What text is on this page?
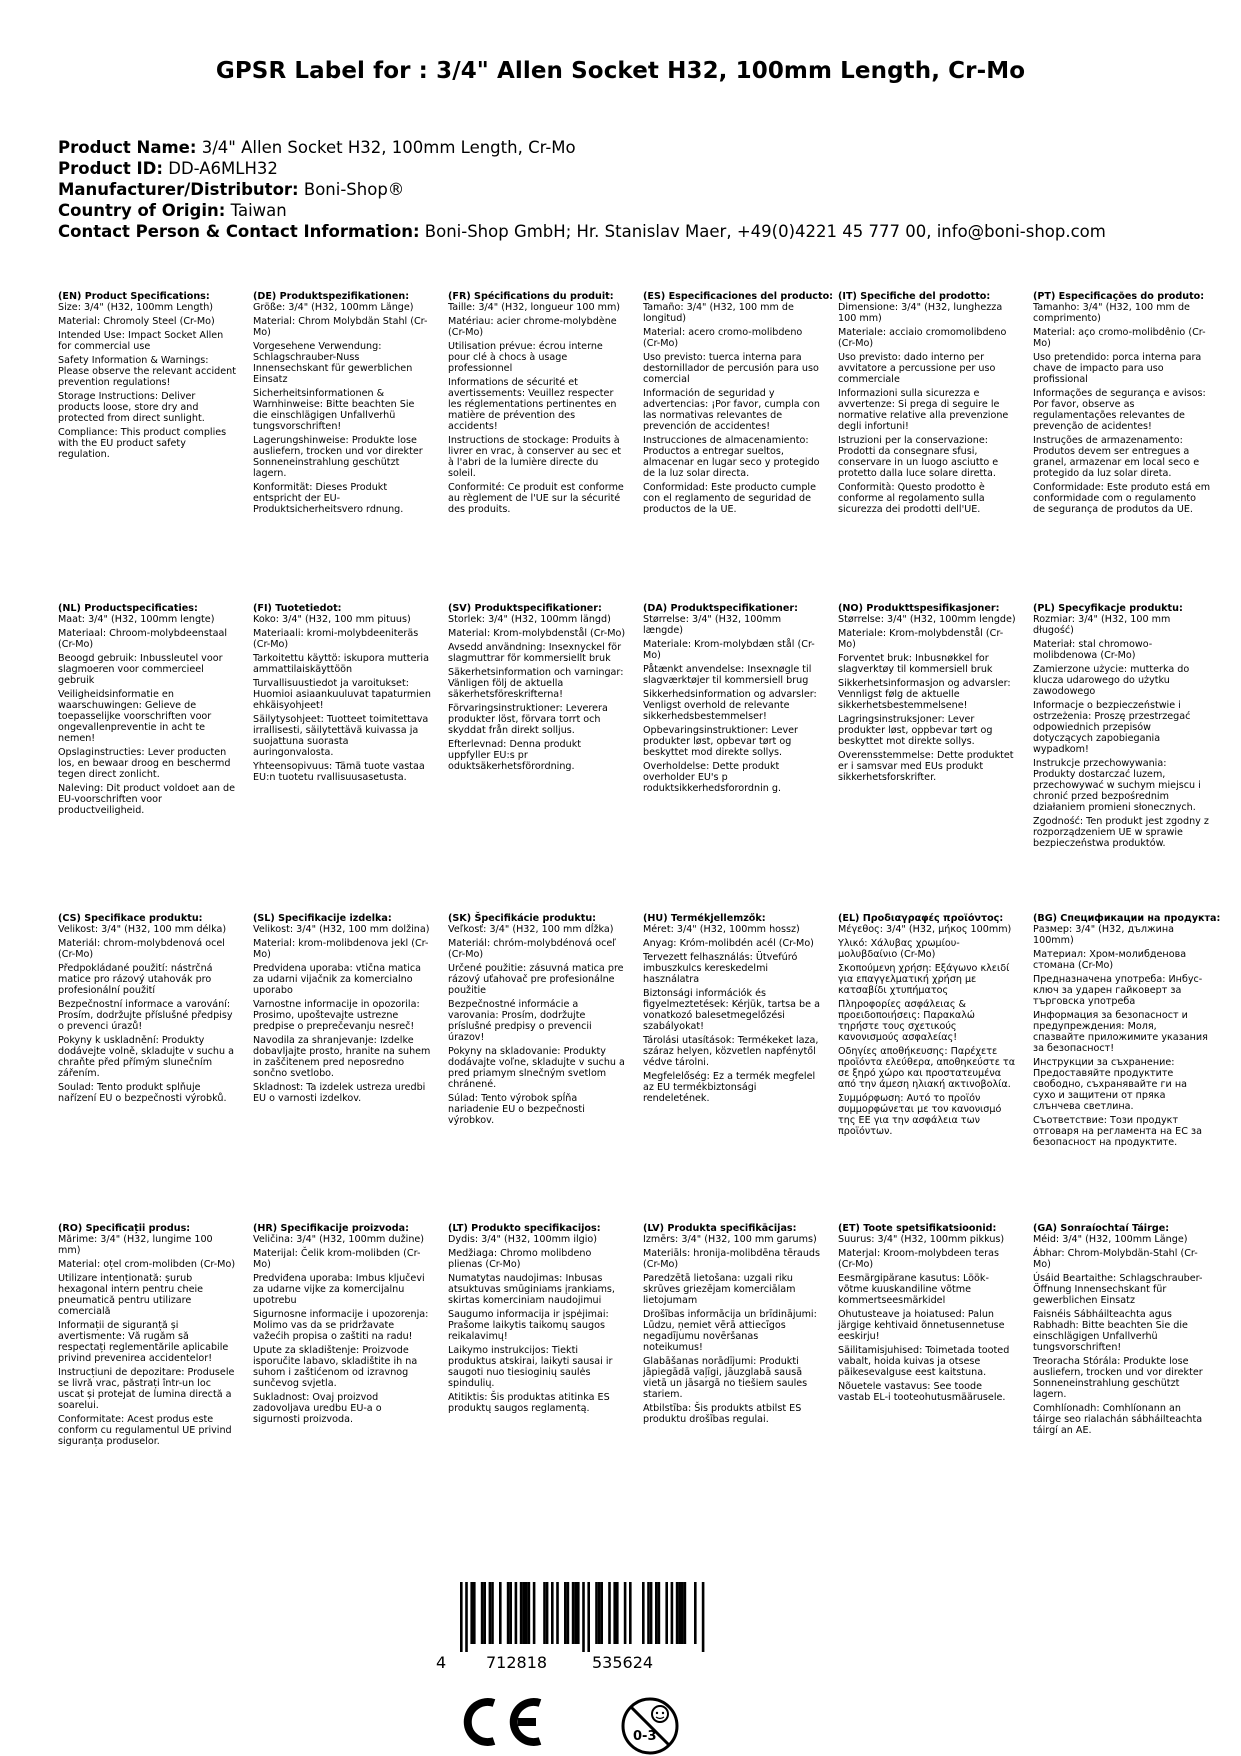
GPSR Label for : 3/4" Allen Socket H32, 100mm Length, Cr-Mo
Product Name: 3/4" Allen Socket H32, 100mm Length, Cr-Mo
Product ID: DD-A6MLH32
Manufacturer/Distributor: Boni-Shop®
Country of Origin: Taiwan
Contact Person & Contact Information: Boni-Shop GmbH; Hr. Stanislav Maer, +49(0)4221 45 777 00, info@boni-shop.com
(EN) Product Specifications:

Size: 3/4" (H32, 100mm Length)

Material: Chromoly Steel (Cr-Mo)

Intended Use: Impact Socket Allen for commercial use

Safety Information & Warnings: Please observe the relevant accident prevention regulations!

Storage Instructions: Deliver products loose, store dry and protected from direct sunlight.

Compliance: This product complies with the EU product safety regulation.

(DE) Produktspezifikationen:

Größe: 3/4" (H32, 100mm Länge)

Material: Chrom Molybdän Stahl (Cr-Mo)

Vorgesehene Verwendung: Schlagschrauber-Nuss Innensechskant für gewerblichen Einsatz

Sicherheitsinformationen & Warnhinweise: Bitte beachten Sie die einschlägigen Unfallverhü tungsvorschriften!

Lagerungshinweise: Produkte lose ausliefern, trocken und vor direkter Sonneneinstrahlung geschützt lagern.

Konformität: Dieses Produkt entspricht der EU-Produktsicherheitsvero rdnung.

(FR) Spécifications du produit:

Taille: 3/4" (H32, longueur 100 mm)

Matériau: acier chrome-molybdène (Cr-Mo)

Utilisation prévue: écrou interne pour clé à chocs à usage professionnel

Informations de sécurité et avertissements: Veuillez respecter les réglementations pertinentes en matière de prévention des accidents!

Instructions de stockage: Produits à livrer en vrac, à conserver au sec et à l'abri de la lumière directe du soleil.

Conformité: Ce produit est conforme au règlement de l'UE sur la sécurité des produits.

(ES) Especificaciones del producto:

Tamaño: 3/4" (H32, 100 mm de longitud)

Material: acero cromo-molibdeno (Cr-Mo)

Uso previsto: tuerca interna para destornillador de percusión para uso comercial

Información de seguridad y advertencias: ¡Por favor, cumpla con las normativas relevantes de prevención de accidentes!

Instrucciones de almacenamiento: Productos a entregar sueltos, almacenar en lugar seco y protegido de la luz solar directa.

Conformidad: Este producto cumple con el reglamento de seguridad de productos de la UE.

(IT) Specifiche del prodotto:

Dimensione: 3/4" (H32, lunghezza 100 mm)

Materiale: acciaio cromomolibdeno (Cr-Mo)

Uso previsto: dado interno per avvitatore a percussione per uso commerciale

Informazioni sulla sicurezza e avvertenze: Si prega di seguire le normative relative alla prevenzione degli infortuni!

Istruzioni per la conservazione: Prodotti da consegnare sfusi, conservare in un luogo asciutto e protetto dalla luce solare diretta.

Conformità: Questo prodotto è conforme al regolamento sulla sicurezza dei prodotti dell'UE.

(PT) Especificações do produto:

Tamanho: 3/4" (H32, 100 mm de comprimento)

Material: aço cromo-molibdênio (Cr-Mo)

Uso pretendido: porca interna para chave de impacto para uso profissional

Informações de segurança e avisos: Por favor, observe as regulamentações relevantes de prevenção de acidentes!

Instruções de armazenamento: Produtos devem ser entregues a granel, armazenar em local seco e protegido da luz solar direta.

Conformidade: Este produto está em conformidade com o regulamento de segurança de produtos da UE.

(NL) Productspecificaties:

Maat: 3/4" (H32, 100mm lengte)

Materiaal: Chroom-molybdeenstaal (Cr-Mo)

Beoogd gebruik: Inbussleutel voor slagmoeren voor commercieel gebruik

Veiligheidsinformatie en waarschuwingen: Gelieve de toepasselijke voorschriften voor ongevallenpreventie in acht te nemen!

Opslaginstructies: Lever producten los, en bewaar droog en beschermd tegen direct zonlicht.

Naleving: Dit product voldoet aan de EU-voorschriften voor productveiligheid.

(FI) Tuotetiedot:

Koko: 3/4" (H32, 100 mm pituus)

Materiaali: kromi-molybdeeniteräs (Cr-Mo)

Tarkoitettu käyttö: iskupora mutteria ammattilaiskäyttöön

Turvallisuustiedot ja varoitukset: Huomioi asiaankuuluvat tapaturmien ehkäisyohjeet!

Säilytysohjeet: Tuotteet toimitettava irrallisesti, säilytettävä kuivassa ja suojattuna suorasta auringonvalosta.

Yhteensopivuus: Tämä tuote vastaa EU:n tuotetu rvallisuusasetusta.

(SV) Produktspecifikationer:

Storlek: 3/4" (H32, 100mm längd)

Material: Krom-molybdenstål (Cr-Mo)

Avsedd användning: Insexnyckel för slagmuttrar för kommersiellt bruk

Säkerhetsinformation och varningar: Vänligen följ de aktuella säkerhetsföreskrifterna!

Förvaringsinstruktioner: Leverera produkter löst, förvara torrt och skyddat från direkt solljus.

Efterlevnad: Denna produkt uppfyller EU:s pr oduktsäkerhetsförordning.

(DA) Produktspecifikationer:

Størrelse: 3/4" (H32, 100mm længde)

Materiale: Krom-molybdæn stål (Cr-Mo)

Påtænkt anvendelse: Insexnøgle til slagværktøjer til kommersiell brug

Sikkerhedsinformation og advarsler: Venligst overhold de relevante sikkerhedsbestemmelser!

Opbevaringsinstruktioner: Lever produkter løst, opbevar tørt og beskyttet mod direkte sollys.

Overholdelse: Dette produkt overholder EU's p roduktsikkerhedsforordnin g.

(NO) Produkttspesifikasjoner:

Størrelse: 3/4" (H32, 100mm lengde)

Materiale: Krom-molybdenstål (Cr-Mo)

Forventet bruk: Inbusnøkkel for slagverktøy til kommersiell bruk

Sikkerhetsinformasjon og advarsler: Vennligst følg de aktuelle sikkerhetsbestemmelsene!

Lagringsinstruksjoner: Lever produkter løst, oppbevar tørt og beskyttet mot direkte sollys.

Overensstemmelse: Dette produktet er i samsvar med EUs produkt sikkerhetsforskrifter.

(PL) Specyfikacje produktu:

Rozmiar: 3/4" (H32, 100 mm długość)

Materiał: stal chromowo-molibdenowa (Cr-Mo)

Zamierzone użycie: mutterka do klucza udarowego do użytku zawodowego

Informacje o bezpieczeństwie i ostrzeżenia: Proszę przestrzegać odpowiednich przepisów dotyczących zapobiegania wypadkom!

Instrukcje przechowywania: Produkty dostarczać luzem, przechowywać w suchym miejscu i chronić przed bezpośrednim działaniem promieni słonecznych.

Zgodność: Ten produkt jest zgodny z rozporządzeniem UE w sprawie bezpieczeństwa produktów.

(CS) Specifikace produktu:

Velikost: 3/4" (H32, 100 mm délka)

Materiál: chrom-molybdenová ocel (Cr-Mo)

Předpokládané použití: nástrčná matice pro rázový utahovák pro profesionální použití

Bezpečnostní informace a varování: Prosím, dodržujte příslušné předpisy o prevenci úrazů!

Pokyny k uskladnění: Produkty dodávejte volně, skladujte v suchu a chraňte před přímým slunečním zářením.

Soulad: Tento produkt splňuje nařízení EU o bezpečnosti výrobků.

(SL) Specifikacije izdelka:

Velikost: 3/4" (H32, 100 mm dolžina)

Material: krom-molibdenova jekl (Cr-Mo)

Predvidena uporaba: vtična matica za udarni vijačnik za komercialno uporabo

Varnostne informacije in opozorila: Prosimo, upoštevajte ustrezne predpise o preprečevanju nesreč!

Navodila za shranjevanje: Izdelke dobavljajte prosto, hranite na suhem in zaščitenem pred neposredno sončno svetlobo.

Skladnost: Ta izdelek ustreza uredbi EU o varnosti izdelkov.

(SK) Špecifikácie produktu:

Veľkosť: 3/4" (H32, 100 mm dĺžka)

Materiál: chróm-molybdénová oceľ (Cr-Mo)

Určené použitie: zásuvná matica pre rázový uťahovač pre profesionálne použitie

Bezpečnostné informácie a varovania: Prosím, dodržujte príslušné predpisy o prevencii úrazov!

Pokyny na skladovanie: Produkty dodávajte voľne, skladujte v suchu a pred priamym slnečným svetlom chránené.

Súlad: Tento výrobok spĺňa nariadenie EU o bezpečnosti výrobkov.

(HU) Termékjellemzők:

Méret: 3/4" (H32, 100mm hossz)

Anyag: Króm-molibdén acél (Cr-Mo)

Tervezett felhasználás: Ütvefúró imbuszkulcs kereskedelmi használatra

Biztonsági információk és figyelmeztetések: Kérjük, tartsa be a vonatkozó balesetmegelőzési szabályokat!

Tárolási utasítások: Termékeket laza, száraz helyen, közvetlen napfénytől védve tárolni.

Megfelelőség: Ez a termék megfelel az EU termékbiztonsági rendeletének.

(EL) Προδιαγραφές προϊόντος:

Μέγεθος: 3/4" (H32, μήκος 100mm)

Υλικό: Χάλυβας χρωμίου-μολυβδαίνιο (Cr-Mo)

Σκοπούμενη χρήση: Εξάγωνο κλειδί για επαγγελματική χρήση με κατσαβίδι χτυπήματος

Πληροφορίες ασφάλειας & προειδοποιήσεις: Παρακαλώ τηρήστε τους σχετικούς κανονισμούς ασφαλείας!

Οδηγίες αποθήκευσης: Παρέχετε προϊόντα ελεύθερα, αποθηκεύστε τα σε ξηρό χώρο και προστατευμένα από την άμεση ηλιακή ακτινοβολία.

Συμμόρφωση: Αυτό το προϊόν συμμορφώνεται με τον κανονισμό της ΕΕ για την ασφάλεια των προϊόντων.

(BG) Спецификации на продукта:

Размер: 3/4" (H32, дължина 100mm)

Материал: Хром-молибденова стомана (Cr-Mo)

Предназначена употреба: Инбус-ключ за ударен гайковерт за търговска употреба

Информация за безопасност и предупреждения: Моля, спазвайте приложимите указания за безопасност!

Инструкции за съхранение: Предоставяйте продуктите свободно, съхранявайте ги на сухо и защитени от пряка слънчева светлина.

Съответствие: Този продукт отговаря на регламента на ЕС за безопасност на продуктите.

(RO) Specificații produs:

Mărime: 3/4" (H32, lungime 100 mm)

Material: oțel crom-molibden (Cr-Mo)

Utilizare intenționată: șurub hexagonal intern pentru cheie pneumatică pentru utilizare comercială

Informații de siguranță și avertismente: Vă rugăm să respectați reglementările aplicabile privind prevenirea accidentelor!

Instrucțiuni de depozitare: Produsele se livră vrac, păstrați într-un loc uscat și protejat de lumina directă a soarelui.

Conformitate: Acest produs este conform cu regulamentul UE privind siguranța produselor.

(HR) Specifikacije proizvoda:

Veličina: 3/4" (H32, 100mm dužine)

Materijal: Čelik krom-molibden (Cr-Mo)

Predviđena uporaba: Imbus ključevi za udarne vijke za komercijalnu upotrebu

Sigurnosne informacije i upozorenja: Molimo vas da se pridržavate važećih propisa o zaštiti na radu!

Upute za skladištenje: Proizvode isporučite labavo, skladištite ih na suhom i zaštićenom od izravnog sunčevog svjetla.

Sukladnost: Ovaj proizvod zadovoljava uredbu EU-a o sigurnosti proizvoda.

(LT) Produkto specifikacijos:

Dydis: 3/4" (H32, 100mm ilgio)

Medžiaga: Chromo molibdeno plienas (Cr-Mo)

Numatytas naudojimas: Inbusas atsuktuvas smūginiams įrankiams, skirtas komerciniam naudojimui

Saugumo informacija ir įspėjimai: Prašome laikytis taikomų saugos reikalavimų!

Laikymo instrukcijos: Tiekti produktus atskirai, laikyti sausai ir saugoti nuo tiesioginių saulės spindulių.

Atitiktis: Šis produktas atitinka ES produktų saugos reglamentą.

(LV) Produkta specifikācijas:

Izmērs: 3/4" (H32, 100 mm garums)

Materiāls: hronija-molibdēna tērauds (Cr-Mo)

Paredzētā lietošana: uzgali riku skrūves griezējam komerciālam lietojumam

Drošības informācija un brīdinājumi: Lūdzu, ņemiet vērā attiecīgos negadījumu novēršanas noteikumus!

Glabāšanas norādījumi: Produkti jāpiegādā vaļīgi, jāuzglabā sausā vietā un jāsargā no tiešiem saules stariem.

Atbilstība: Šis produkts atbilst ES produktu drošības regulai.

(ET) Toote spetsifikatsioonid:

Suurus: 3/4" (H32, 100mm pikkus)

Materjal: Kroom-molybdeen teras (Cr-Mo)

Eesmärgipärane kasutus: Löök-võtme kuuskandiline võtme kommertseesmärkidel

Ohutusteave ja hoiatused: Palun järgige kehtivaid õnnetusennetuse eeskirju!

Säilitamisjuhised: Toimetada tooted vabalt, hoida kuivas ja otsese päikesevalguse eest kaitstuna.

Nõuetele vastavus: See toode vastab EL-i tooteohutusmäärusele.

(GA) Sonraíochtaí Táirge:

Méid: 3/4" (H32, 100mm Länge)

Ábhar: Chrom-Molybdän-Stahl (Cr-Mo)

Úsáid Beartaithe: Schlagschrauber-Öffnung Innensechskant für gewerblichen Einsatz

Faisnéis Sábháilteachta agus Rabhadh: Bitte beachten Sie die einschlägigen Unfallverhü tungsvorschriften!

Treoracha Stórála: Produkte lose ausliefern, trocken und vor direkter Sonneneinstrahlung geschützt lagern.

Comhlíonadh: Comhlíonann an táirge seo rialachán sábháilteachta táirgí an AE.

4 712818	535624
0-3
